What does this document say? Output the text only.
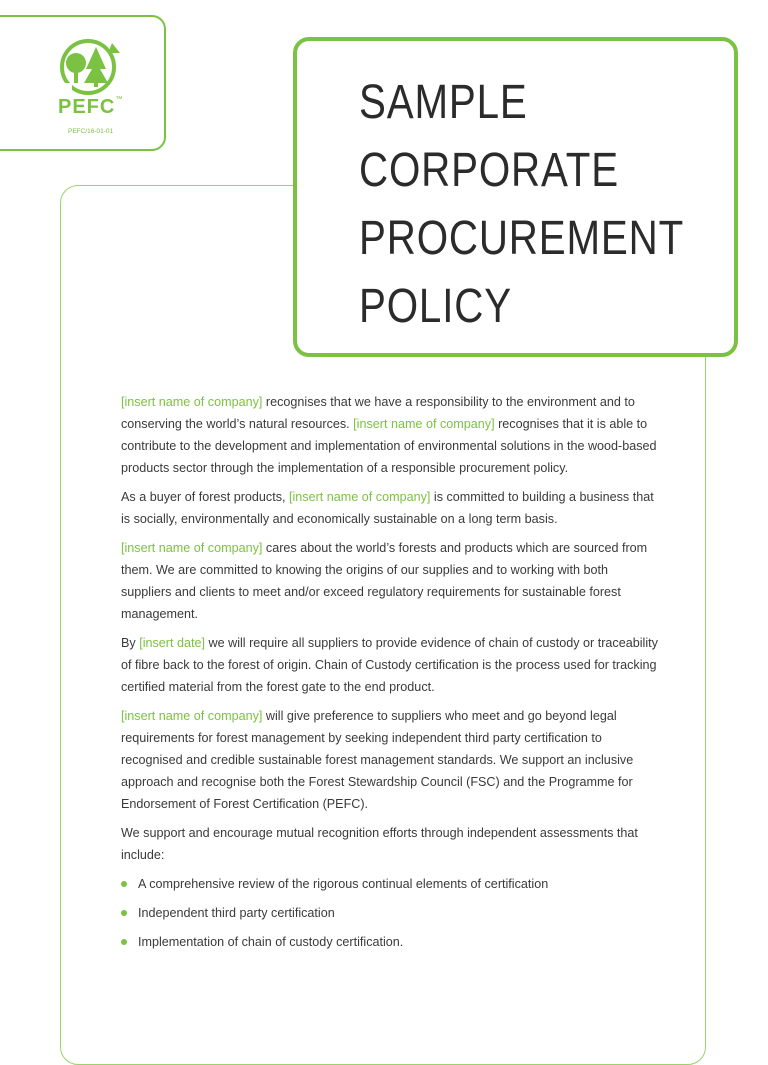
PEFC™
PEFC/16-01-01
SAMPLE
CORPORATE
PROCUREMENT
POLICY

[insert name of company] recognises that we have a responsibility to the environment and to conserving the world’s natural resources. [insert name of company] recognises that it is able to contribute to the development and implementation of environmental solutions in the wood-based products sector through the implementation of a responsible procurement policy.

As a buyer of forest products, [insert name of company] is committed to building a business that is socially, environmentally and economically sustainable on a long term basis.

[insert name of company] cares about the world’s forests and products which are sourced from them. We are committed to knowing the origins of our supplies and to working with both suppliers and clients to meet and/or exceed regulatory requirements for sustainable forest management.

By [insert date] we will require all suppliers to provide evidence of chain of custody or traceability of fibre back to the forest of origin. Chain of Custody certification is the process used for tracking certified material from the forest gate to the end product.

[insert name of company] will give preference to suppliers who meet and go beyond legal requirements for forest management by seeking independent third party certification to recognised and credible sustainable forest management standards. We support an inclusive approach and recognise both the Forest Stewardship Council (FSC) and the Programme for Endorsement of Forest Certification (PEFC).

We support and encourage mutual recognition efforts through independent assessments that include:

A comprehensive review of the rigorous continual elements of certification
Independent third party certification
Implementation of chain of custody certification.
